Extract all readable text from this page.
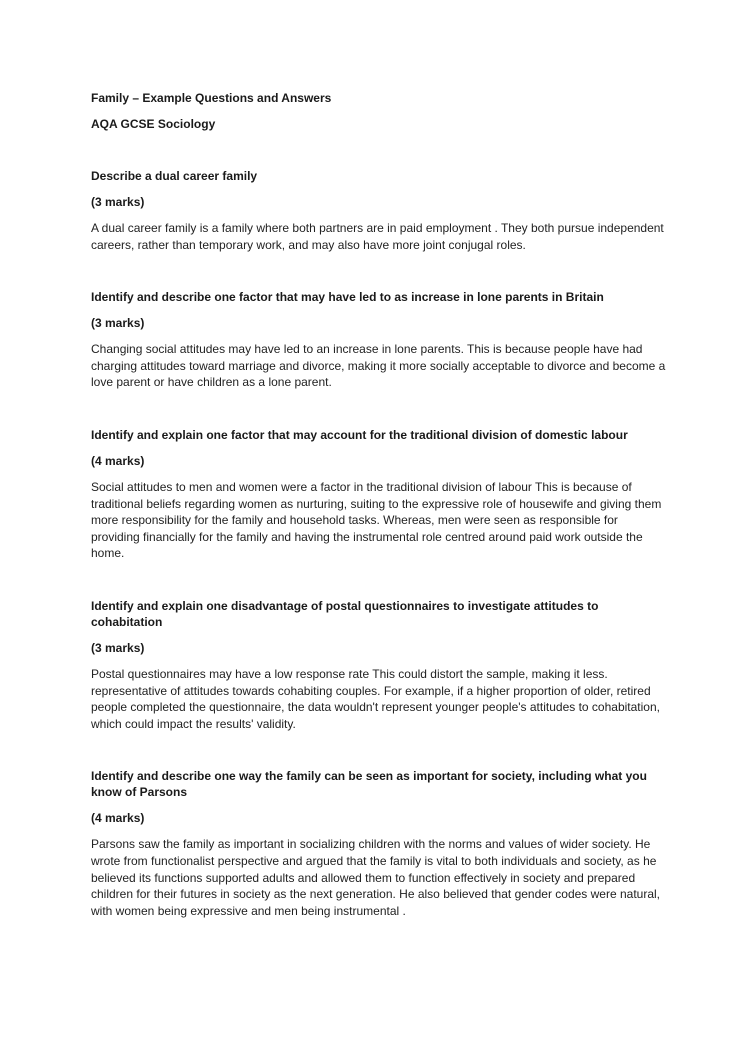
Family – Example Questions and Answers

AQA GCSE Sociology

Describe a dual career family

(3 marks)

A dual career family is a family where both partners are in paid employment . They both pursue independent careers, rather than temporary work, and may also have more joint conjugal roles.

Identify and describe one factor that may have led to as increase in lone parents in Britain

(3 marks)

Changing social attitudes may have led to an increase in lone parents. This is because people have had charging attitudes toward marriage and divorce, making it more socially acceptable to divorce and become a love parent or have children as a lone parent.

Identify and explain one factor that may account for the traditional division of domestic labour

(4 marks)

Social attitudes to men and women were a factor in the traditional division of labour This is because of traditional beliefs regarding women as nurturing, suiting to the expressive role of housewife and giving them more responsibility for the family and household tasks. Whereas, men were seen as responsible for providing financially for the family and having the instrumental role centred around paid work outside the home.

Identify and explain one disadvantage of postal questionnaires to investigate attitudes to cohabitation

(3 marks)

Postal questionnaires may have a low response rate This could distort the sample, making it less. representative of attitudes towards cohabiting couples. For example, if a higher proportion of older, retired people completed the questionnaire, the data wouldn't represent younger people's attitudes to cohabitation, which could impact the results' validity.

Identify and describe one way the family can be seen as important for society, including what you know of Parsons

(4 marks)

Parsons saw the family as important in socializing children with the norms and values of wider society. He wrote from functionalist perspective and argued that the family is vital to both individuals and society, as he believed its functions supported adults and allowed them to function effectively in society and prepared children for their futures in society as the next generation. He also believed that gender codes were natural, with women being expressive and men being instrumental .
